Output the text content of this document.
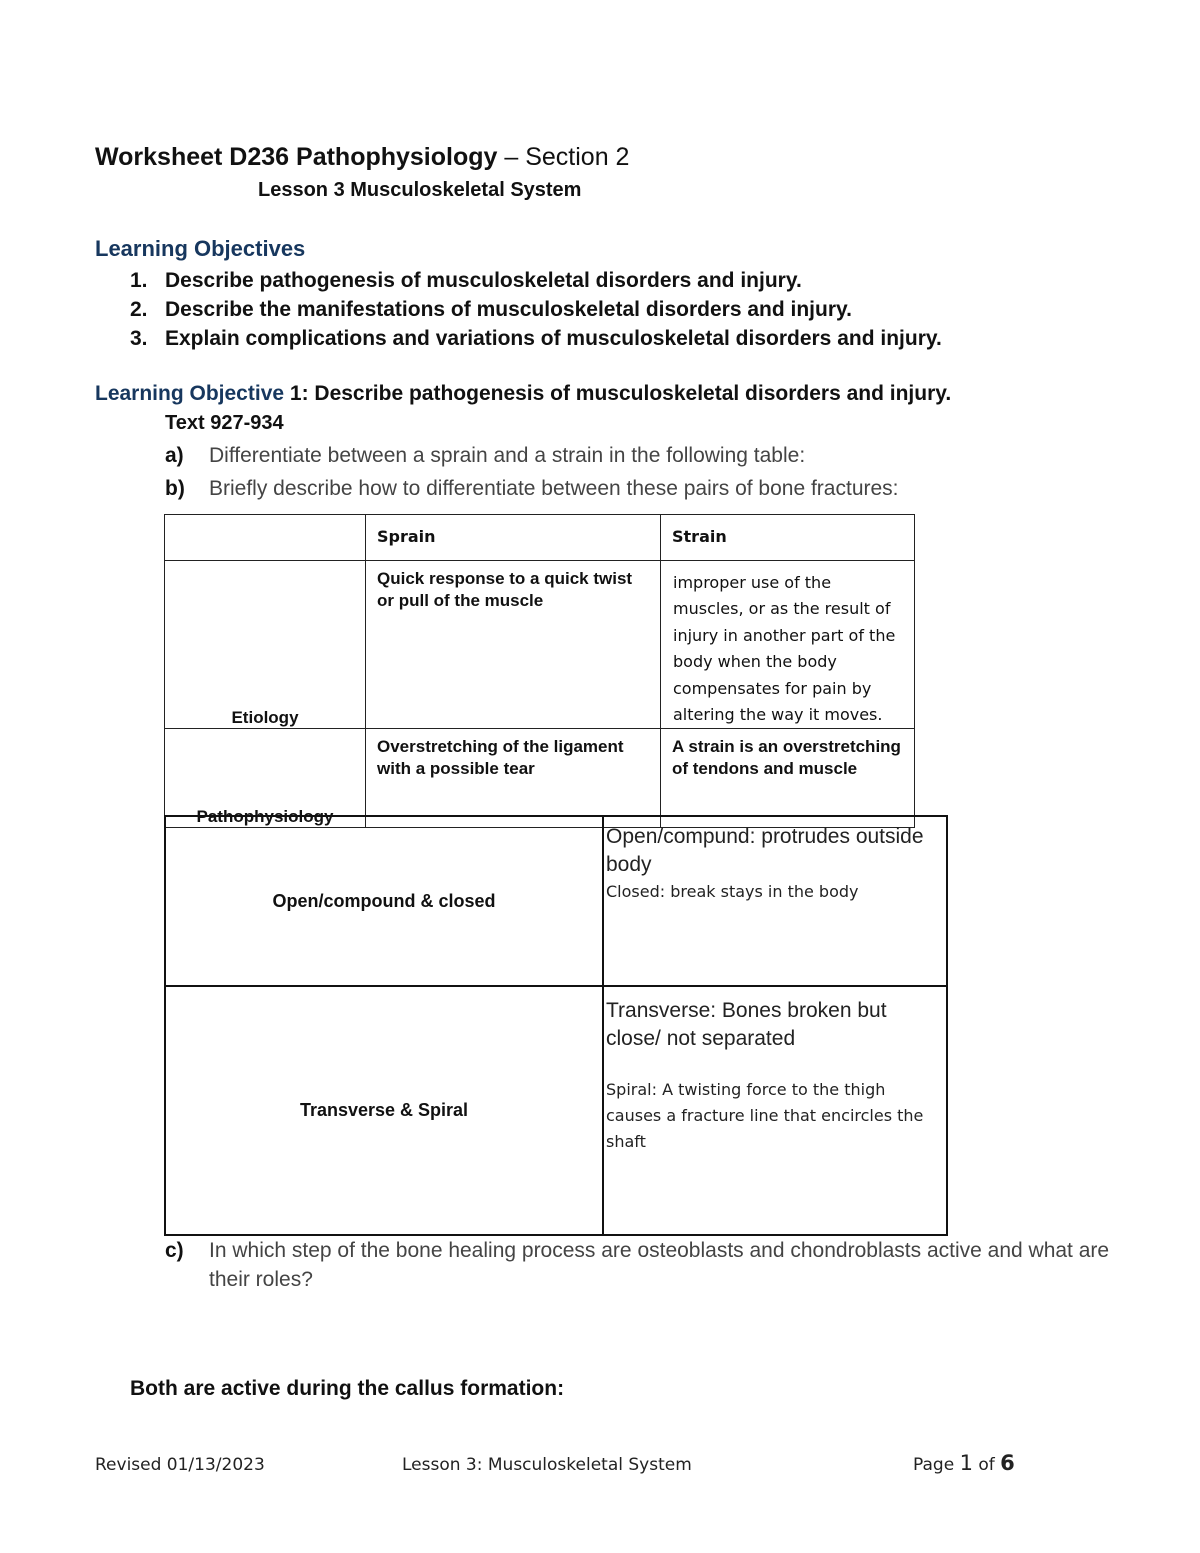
Worksheet D236 Pathophysiology – Section 2
Lesson 3 Musculoskeletal System
Learning Objectives
1. Describe pathogenesis of musculoskeletal disorders and injury.
2. Describe the manifestations of musculoskeletal disorders and injury.
3. Explain complications and variations of musculoskeletal disorders and injury.
Learning Objective 1: Describe pathogenesis of musculoskeletal disorders and injury.
Text 927-934
a) Differentiate between a sprain and a strain in the following table:
b) Briefly describe how to differentiate between these pairs of bone fractures:
	Sprain	Strain
Etiology	Quick response to a quick twist or pull of the muscle	improper use of the muscles, or as the result of injury in another part of the body when the body compensates for pain by altering the way it moves.
Pathophysiology	Overstretching of the ligament with a possible tear	A strain is an overstretching of tendons and muscle
Open/compound & closed	Open/compund: protrudes outside body
Closed: break stays in the body

Transverse & Spiral	Transverse: Bones broken but close/ not separated
Spiral: A twisting force to the thigh causes a fracture line that encircles the shaft
c) In which step of the bone healing process are osteoblasts and chondroblasts active and what are their roles?
Both are active during the callus formation:
Revised 01/13/2023	Lesson 3: Musculoskeletal System	Page 1 of 6
